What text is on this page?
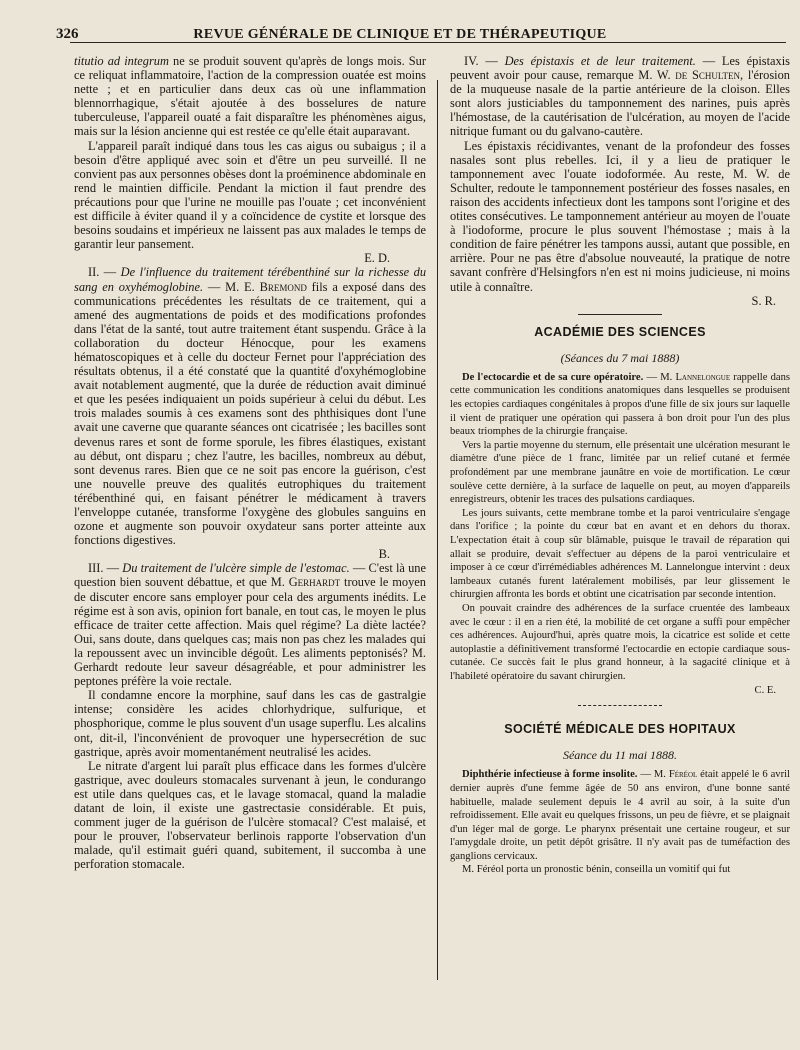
326	REVUE GÉNÉRALE DE CLINIQUE ET DE THÉRAPEUTIQUE

titutio ad integrum ne se produit souvent qu'après de longs mois. Sur ce reliquat inflammatoire, l'action de la compression ouatée est moins nette ; et en particulier dans deux cas où une inflammation blennorrhagique, s'était ajoutée à des bosselures de nature tuberculeuse, l'appareil ouaté a fait disparaître les phénomènes aigus, mais sur la lésion ancienne qui est restée ce qu'elle était auparavant.

L'appareil paraît indiqué dans tous les cas aigus ou subaigus ; il a besoin d'être appliqué avec soin et d'être un peu surveillé. Il ne convient pas aux personnes obèses dont la proéminence abdominale en rend le maintien difficile. Pendant la miction il faut prendre des précautions pour que l'urine ne mouille pas l'ouate ; cet inconvénient est difficile à éviter quand il y a coïncidence de cystite et lorsque des besoins soudains et impérieux ne laissent pas aux malades le temps de garantir leur pansement.

E. D.

II. — De l'influence du traitement térébenthiné sur la richesse du sang en oxyhémoglobine. — M. E. Bremond fils a exposé dans des communications précédentes les résultats de ce traitement, qui a amené des augmentations de poids et des modifications profondes dans l'état de la santé, tout autre traitement étant suspendu. Grâce à la collaboration du docteur Hénocque, pour les examens hématoscopiques et à celle du docteur Fernet pour l'appréciation des résultats obtenus, il a été constaté que la quantité d'oxyhémoglobine avait notablement augmenté, que la durée de réduction avait diminué et que les pesées indiquaient un poids supérieur à celui du début. Les trois malades soumis à ces examens sont des phthisiques dont l'une avait une caverne que quarante séances ont cicatrisée ; les bacilles sont devenus rares et sont de forme sporule, les fibres élastiques, existant au début, ont disparu ; chez l'autre, les bacilles, nombreux au début, sont devenus rares. Bien que ce ne soit pas encore la guérison, c'est une nouvelle preuve des qualités eutrophiques du traitement térébenthiné qui, en faisant pénétrer le médicament à travers l'enveloppe cutanée, transforme l'oxygène des globules sanguins en ozone et augmente son pouvoir oxydateur sans porter atteinte aux fonctions digestives.

B.

III. — Du traitement de l'ulcère simple de l'estomac. — C'est là une question bien souvent débattue, et que M. Gerhardt trouve le moyen de discuter encore sans employer pour cela des arguments inédits. Le régime est à son avis, opinion fort banale, en tout cas, le moyen le plus efficace de traiter cette affection. Mais quel régime? La diète lactée? Oui, sans doute, dans quelques cas; mais non pas chez les malades qui la repoussent avec un invincible dégoût. Les aliments peptonisés? M. Gerhardt redoute leur saveur désagréable, et pour administrer les peptones préfère la voie rectale.

Il condamne encore la morphine, sauf dans les cas de gastralgie intense; considère les acides chlorhydrique, sulfurique, et phosphorique, comme le plus souvent d'un usage superflu. Les alcalins ont, dit-il, l'inconvénient de provoquer une hypersecrétion de suc gastrique, après avoir momentanément neutralisé les acides.

Le nitrate d'argent lui paraît plus efficace dans les formes d'ulcère gastrique, avec douleurs stomacales survenant à jeun, le condurango est utile dans quelques cas, et le lavage stomacal, quand la maladie datant de loin, il existe une gastrectasie considérable. Et puis, comment juger de la guérison de l'ulcère stomacal? C'est malaisé, et pour le prouver, l'observateur berlinois rapporte l'observation d'un malade, qu'il estimait guéri quand, subitement, il succomba à une perforation stomacale.

IV. — Des épistaxis et de leur traitement. — Les épistaxis peuvent avoir pour cause, remarque M. W. de Schulten, l'érosion de la muqueuse nasale de la partie antérieure de la cloison. Elles sont alors justiciables du tamponnement des narines, puis après l'hémostase, de la cautérisation de l'ulcération, au moyen de l'acide nitrique fumant ou du galvano-cautère.

Les épistaxis récidivantes, venant de la profondeur des fosses nasales sont plus rebelles. Ici, il y a lieu de pratiquer le tamponnement avec l'ouate iodoformée. Au reste, M. W. de Schulter, redoute le tamponnement postérieur des fosses nasales, en raison des accidents infectieux dont les tampons sont l'origine et des otites consécutives. Le tamponnement antérieur au moyen de l'ouate à l'iodoforme, procure le plus souvent l'hémostase ; mais à la condition de faire pénétrer les tampons aussi, autant que possible, en arrière. Pour ne pas être d'absolue nouveauté, la pratique de notre savant confrère d'Helsingfors n'en est ni moins judicieuse, ni moins utile à connaître.

S. R.

ACADÉMIE DES SCIENCES
(Séances du 7 mai 1888)

De l'ectocardie et de sa cure opératoire. — M. Lannelongue rappelle dans cette communication les conditions anatomiques dans lesquelles se produisent les ectopies cardiaques congénitales à propos d'une fille de six jours sur laquelle il vient de pratiquer une opération qui passera à bon droit pour l'un des plus beaux triomphes de la chirurgie française.

Vers la partie moyenne du sternum, elle présentait une ulcération mesurant le diamètre d'une pièce de 1 franc, limitée par un relief cutané et fermée profondément par une membrane jaunâtre en voie de mortification. Le cœur soulève cette dernière, à la surface de laquelle on peut, au moyen d'appareils enregistreurs, obtenir les traces des pulsations cardiaques.

Les jours suivants, cette membrane tombe et la paroi ventriculaire s'engage dans l'orifice ; la pointe du cœur bat en avant et en dehors du thorax. L'expectation était à coup sûr blâmable, puisque le travail de réparation qui allait se produire, devait s'effectuer au dépens de la paroi ventriculaire et imposer à ce cœur d'irrémédiables adhérences M. Lannelongue intervint : deux lambeaux cutanés furent latéralement mobilisés, par leur glissement le chirurgien affronta les bords et obtint une cicatrisation par seconde intention.

On pouvait craindre des adhérences de la surface cruentée des lambeaux avec le cœur : il en a rien été, la mobilité de cet organe a suffi pour empêcher ces adhérences. Aujourd'hui, après quatre mois, la cicatrice est solide et cette autoplastie a définitivement transformé l'ectocardie en ectopie cardiaque sous-cutanée. Ce succès fait le plus grand honneur, à la sagacité clinique et à l'habileté opératoire du savant chirurgien.

C. E.

SOCIÉTÉ MÉDICALE DES HOPITAUX
Séance du 11 mai 1888.

Diphthérie infectieuse à forme insolite. — M. Féréol était appelé le 6 avril dernier auprès d'une femme âgée de 50 ans environ, d'une bonne santé habituelle, malade seulement depuis le 4 avril au soir, à la suite d'un refroidissement. Elle avait eu quelques frissons, un peu de fièvre, et se plaignait d'un léger mal de gorge. Le pharynx présentait une certaine rougeur, et sur l'amygdale droite, un petit dépôt grisâtre. Il n'y avait pas de tuméfaction des ganglions cervicaux.

M. Féréol porta un pronostic bénin, conseilla un vomitif qui fut
